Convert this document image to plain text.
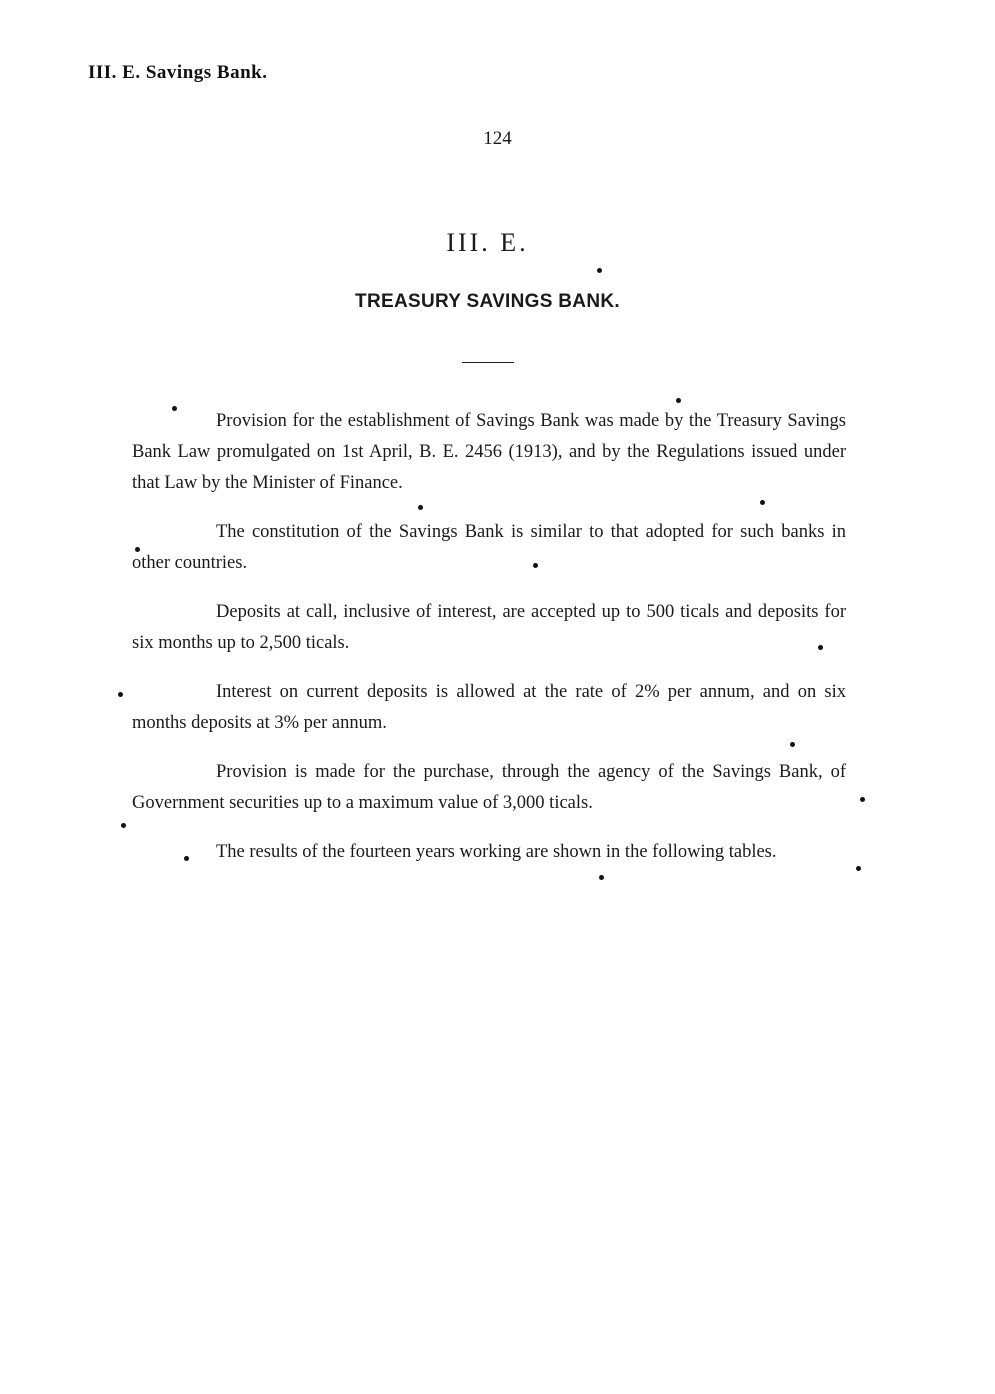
III. E. Savings Bank.
124
III. E.
TREASURY SAVINGS BANK.

Provision for the establishment of Savings Bank was made by the Treasury Savings Bank Law promulgated on 1st April, B. E. 2456 (1913), and by the Regulations issued under that Law by the Minister of Finance.

The constitution of the Savings Bank is similar to that adopted for such banks in other countries.

Deposits at call, inclusive of interest, are accepted up to 500 ticals and deposits for six months up to 2,500 ticals.

Interest on current deposits is allowed at the rate of 2% per annum, and on six months deposits at 3% per annum.

Provision is made for the purchase, through the agency of the Savings Bank, of Government securities up to a maximum value of 3,000 ticals.

The results of the fourteen years working are shown in the following tables.
